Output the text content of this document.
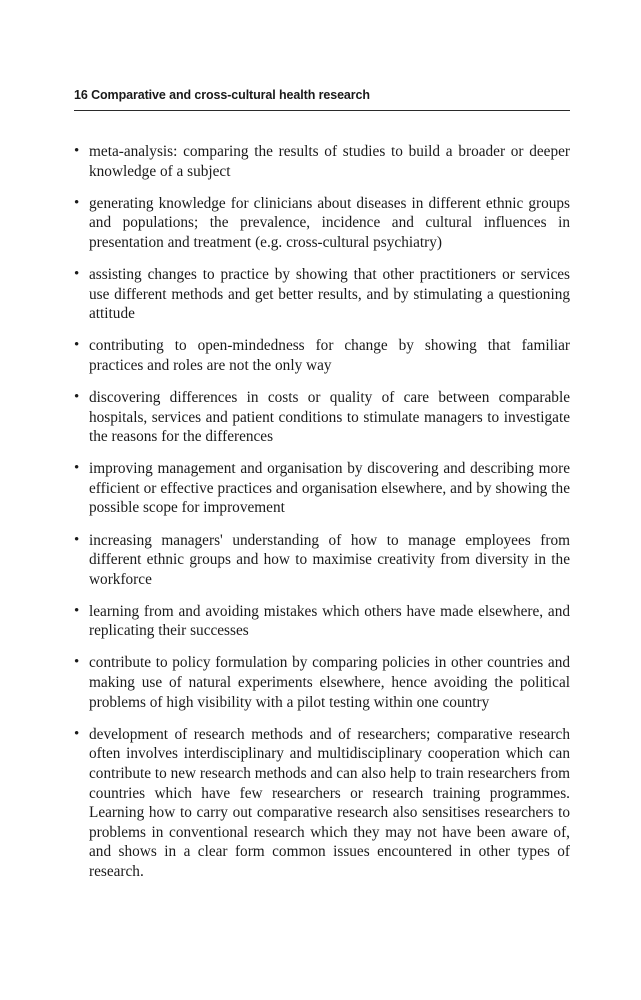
16 Comparative and cross-cultural health research
• meta-analysis: comparing the results of studies to build a broader or deeper knowledge of a subject
• generating knowledge for clinicians about diseases in different ethnic groups and populations; the prevalence, incidence and cultural influences in presentation and treatment (e.g. cross-cultural psychiatry)
• assisting changes to practice by showing that other practitioners or services use different methods and get better results, and by stimulating a questioning attitude
• contributing to open-mindedness for change by showing that familiar practices and roles are not the only way
• discovering differences in costs or quality of care between comparable hospitals, services and patient conditions to stimulate managers to investigate the reasons for the differences
• improving management and organisation by discovering and describing more efficient or effective practices and organisation elsewhere, and by showing the possible scope for improvement
• increasing managers' understanding of how to manage employees from different ethnic groups and how to maximise creativity from diversity in the workforce
• learning from and avoiding mistakes which others have made elsewhere, and replicating their successes
• contribute to policy formulation by comparing policies in other countries and making use of natural experiments elsewhere, hence avoiding the political problems of high visibility with a pilot testing within one country
• development of research methods and of researchers; comparative research often involves interdisciplinary and multidisciplinary cooperation which can contribute to new research methods and can also help to train researchers from countries which have few researchers or research training programmes. Learning how to carry out comparative research also sensitises researchers to problems in conventional research which they may not have been aware of, and shows in a clear form common issues encountered in other types of research.
